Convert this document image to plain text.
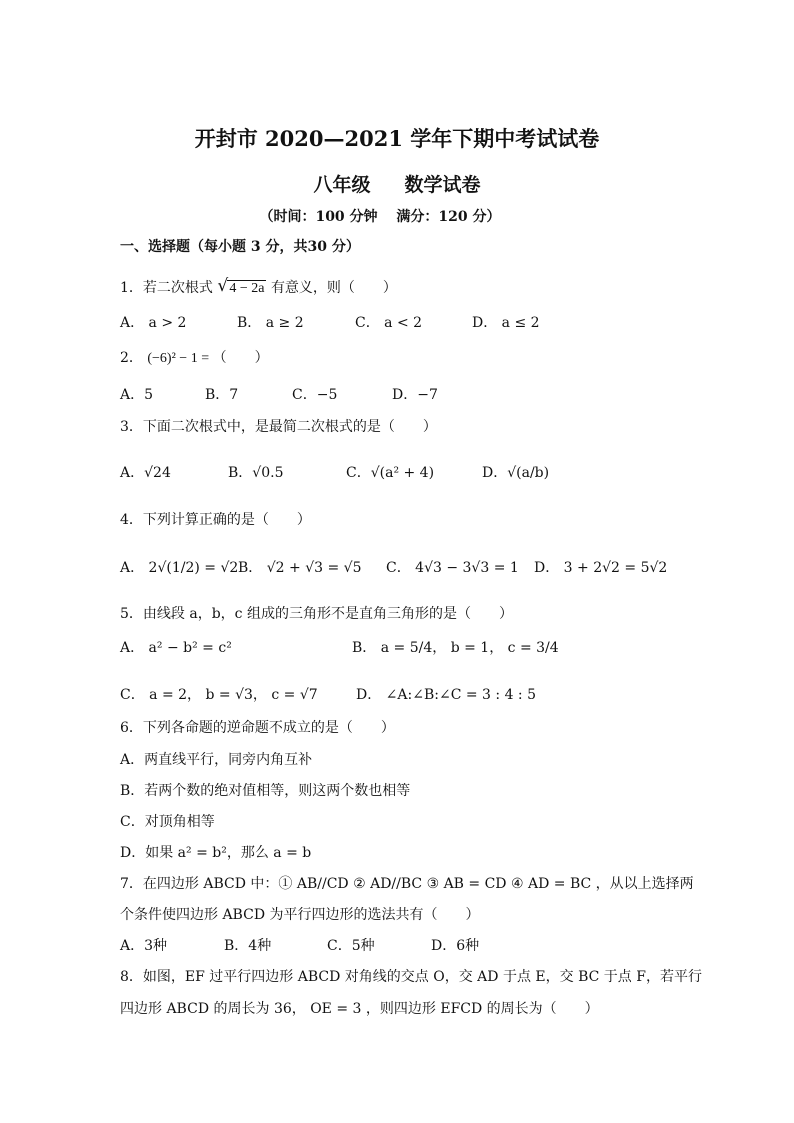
开封市 2020—2021 学年下期中考试试卷
八年级 数学试卷
（时间：100 分钟　 满分：120 分）
一、选择题（每小题 3 分，共30 分）
1．若二次根式 √ 4 − 2a 有意义，则（　　）
A． a > 2	B． a ≥ 2	C． a < 2	D． a ≤ 2
2． (−6)² − 1 = （　　）
A．5	B．7	C．−5	D．−7
3．下面二次根式中，是最简二次根式的是（　　）
A．√24	B．√0.5	C．√(a² + 4)	D．√(a/b)
4．下列计算正确的是（　　）
A． 2√(1/2) = √2 B． √2 + √3 = √5 C． 4√3 − 3√3 = 1 D． 3 + 2√2 = 5√2
5．由线段 a，b，c 组成的三角形不是直角三角形的是（　　）
A． a² − b² = c²	B． a = 5/4， b = 1， c = 3/4
C． a = 2， b = √3， c = √7	D． ∠A:∠B:∠C = 3 : 4 : 5
6．下列各命题的逆命题不成立的是（　　）
A．两直线平行，同旁内角互补
B．若两个数的绝对值相等，则这两个数也相等
C．对顶角相等
D．如果 a² = b²，那么 a = b
7．在四边形 ABCD 中：① AB//CD ② AD//BC ③ AB = CD ④ AD = BC ，从以上选择两
个条件使四边形 ABCD 为平行四边形的选法共有（　　）
A．3种	B．4种	C．5种	D．6种
8．如图，EF 过平行四边形 ABCD 对角线的交点 O，交 AD 于点 E，交 BC 于点 F，若平行
四边形 ABCD 的周长为 36， OE = 3 ，则四边形 EFCD 的周长为（　　）
